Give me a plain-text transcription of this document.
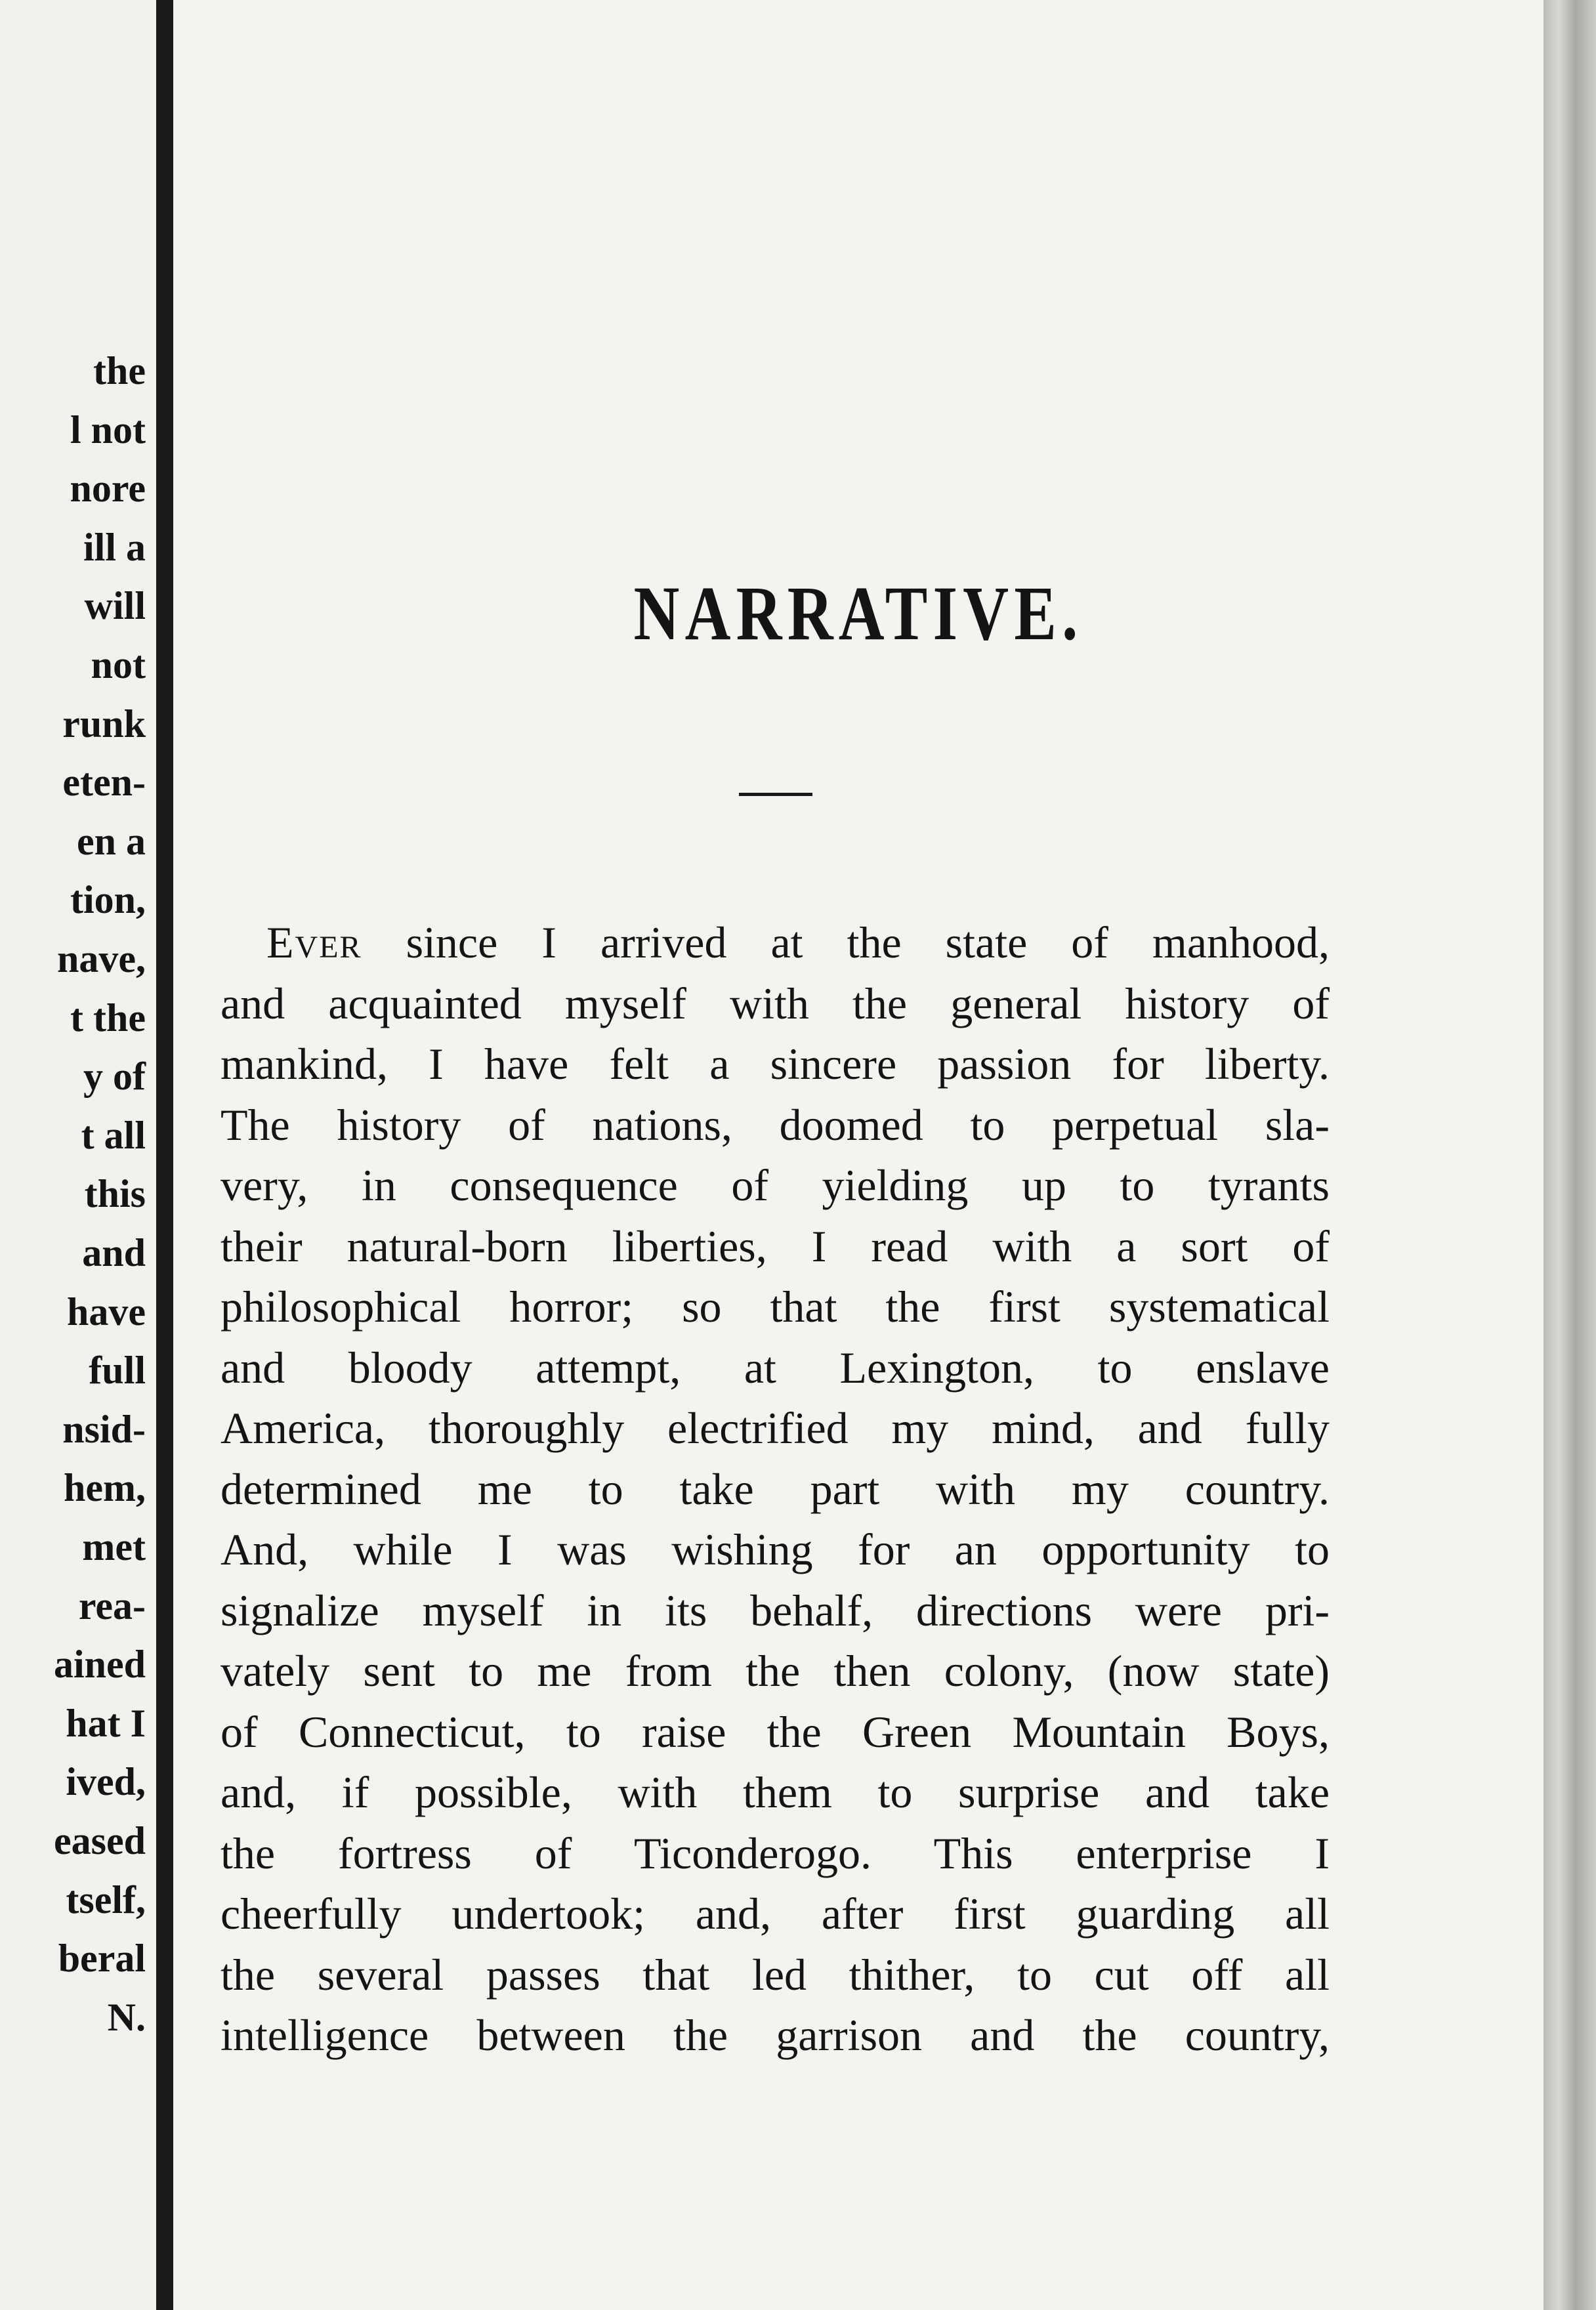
the
l not
nore
ill a
will
not
runk
eten-
en a
tion,
nave,
t the
y of
t all
this
and
have
full
nsid-
hem,
met
rea-
ained
hat I
ived,
eased
tself,
beral
N.
NARRATIVE.
Ever since I arrived at the state of manhood,
and acquainted myself with the general history of
mankind, I have felt a sincere passion for liberty.
The history of nations, doomed to perpetual sla-
very, in consequence of yielding up to tyrants
their natural-born liberties, I read with a sort of
philosophical horror; so that the first systematical
and bloody attempt, at Lexington, to enslave
America, thoroughly electrified my mind, and fully
determined me to take part with my country.
And, while I was wishing for an opportunity to
signalize myself in its behalf, directions were pri-
vately sent to me from the then colony, (now state)
of Connecticut, to raise the Green Mountain Boys,
and, if possible, with them to surprise and take
the fortress of Ticonderogo. This enterprise I
cheerfully undertook; and, after first guarding all
the several passes that led thither, to cut off all
intelligence between the garrison and the country,
